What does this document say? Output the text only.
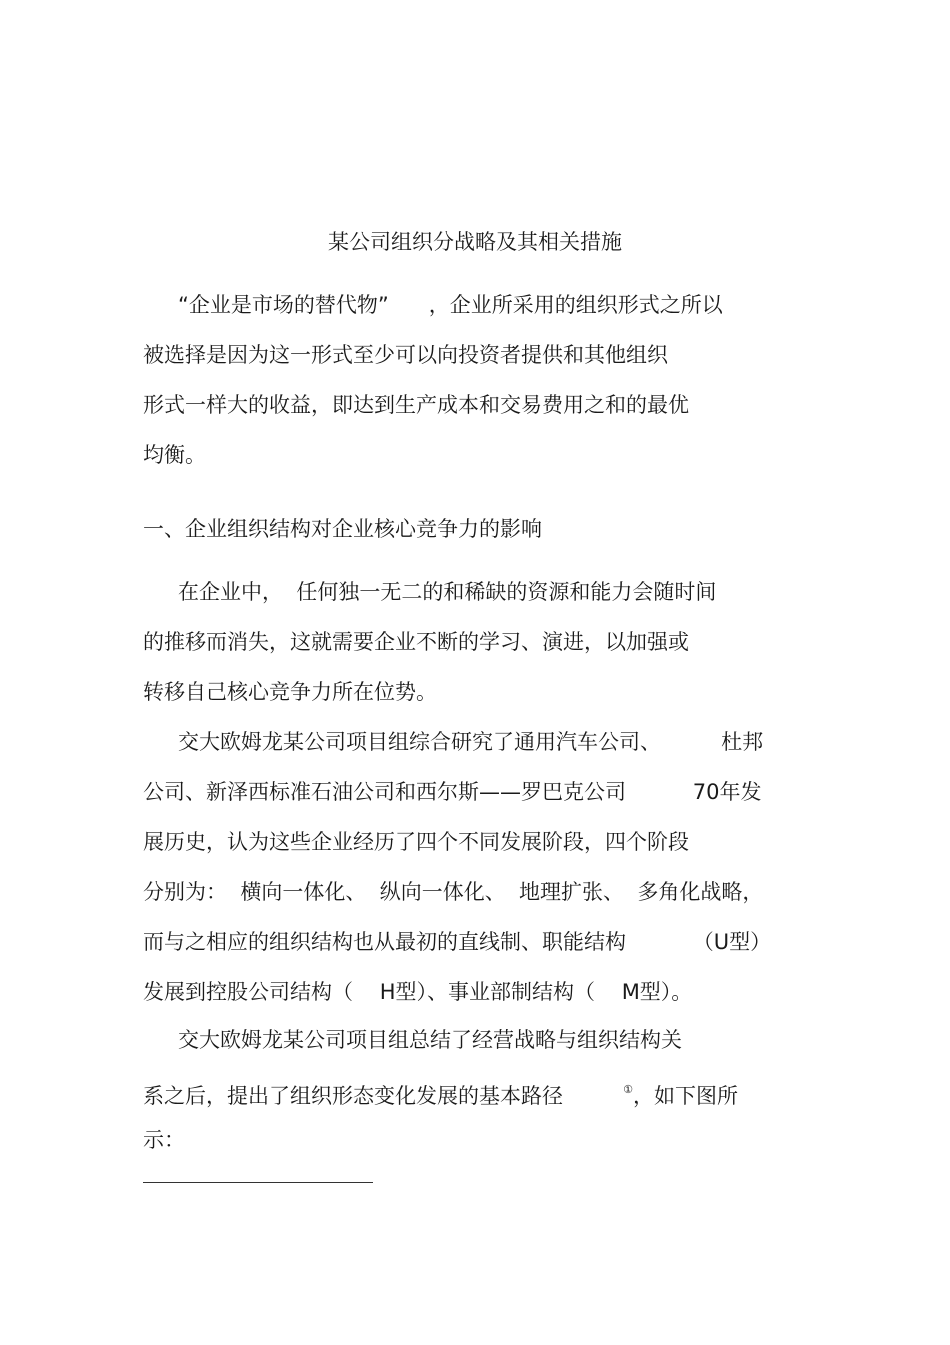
某公司组织分战略及其相关措施
“企业是市场的替代物”      ，企业所采用的组织形式之所以
被选择是因为这一形式至少可以向投资者提供和其他组织
形式一样大的收益，即达到生产成本和交易费用之和的最优
均衡。
一、企业组织结构对企业核心竞争力的影响
在企业中，  任何独一无二的和稀缺的资源和能力会随时间
的推移而消失，这就需要企业不断的学习、演进，以加强或
转移自己核心竞争力所在位势。
交大欧姆龙某公司项目组综合研究了通用汽车公司、         杜邦
公司、新泽西标准石油公司和西尔斯——罗巴克公司          70年发
展历史，认为这些企业经历了四个不同发展阶段，四个阶段
分别为：  横向一体化、  纵向一体化、  地理扩张、  多角化战略，
而与之相应的组织结构也从最初的直线制、职能结构          （U型）
发展到控股公司结构（    H型）、事业部制结构（    M型）。
交大欧姆龙某公司项目组总结了经营战略与组织结构关
系之后，提出了组织形态变化发展的基本路径         ①，如下图所
示：
